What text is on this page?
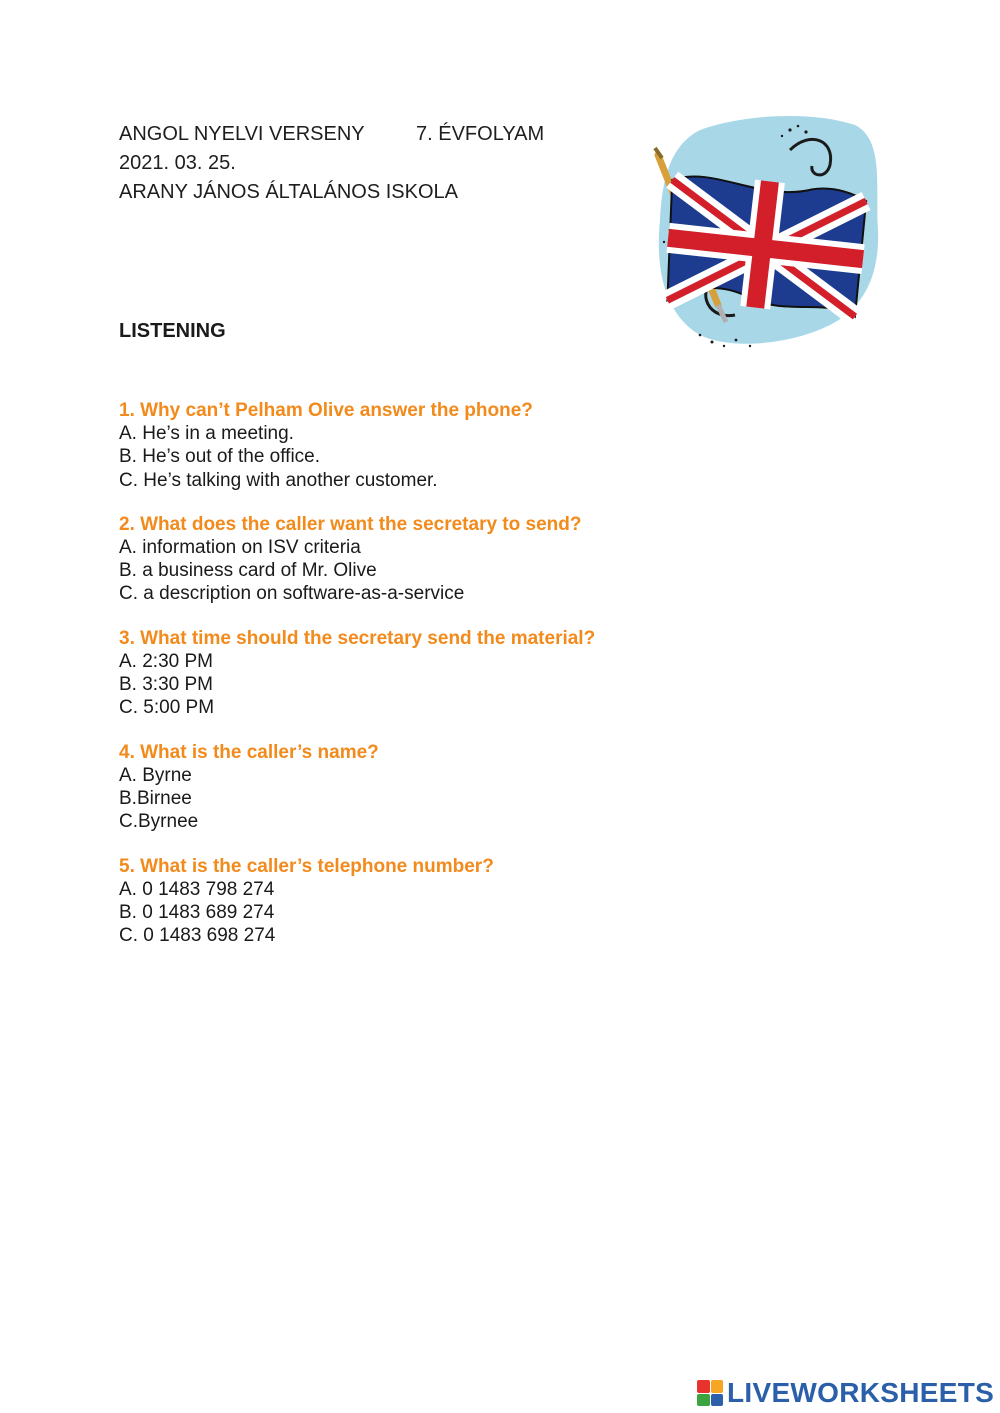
ANGOL NYELVI VERSENY	7. ÉVFOLYAM
2021. 03. 25.
ARANY JÁNOS ÁLTALÁNOS ISKOLA
LISTENING
1. Why can’t Pelham Olive answer the phone?
A. He’s in a meeting.
B. He’s out of the office.
C. He’s talking with another customer.
2. What does the caller want the secretary to send?
A. information on ISV criteria
B. a business card of Mr. Olive
C. a description on software-as-a-service
3. What time should the secretary send the material?
A. 2:30 PM
B. 3:30 PM
C. 5:00 PM
4. What is the caller’s name?
A. Byrne
B.Birnee
C.Byrnee
5. What is the caller’s telephone number?
A. 0 1483 798 274
B. 0 1483 689 274
C. 0 1483 698 274
LIVEWORKSHEETS
